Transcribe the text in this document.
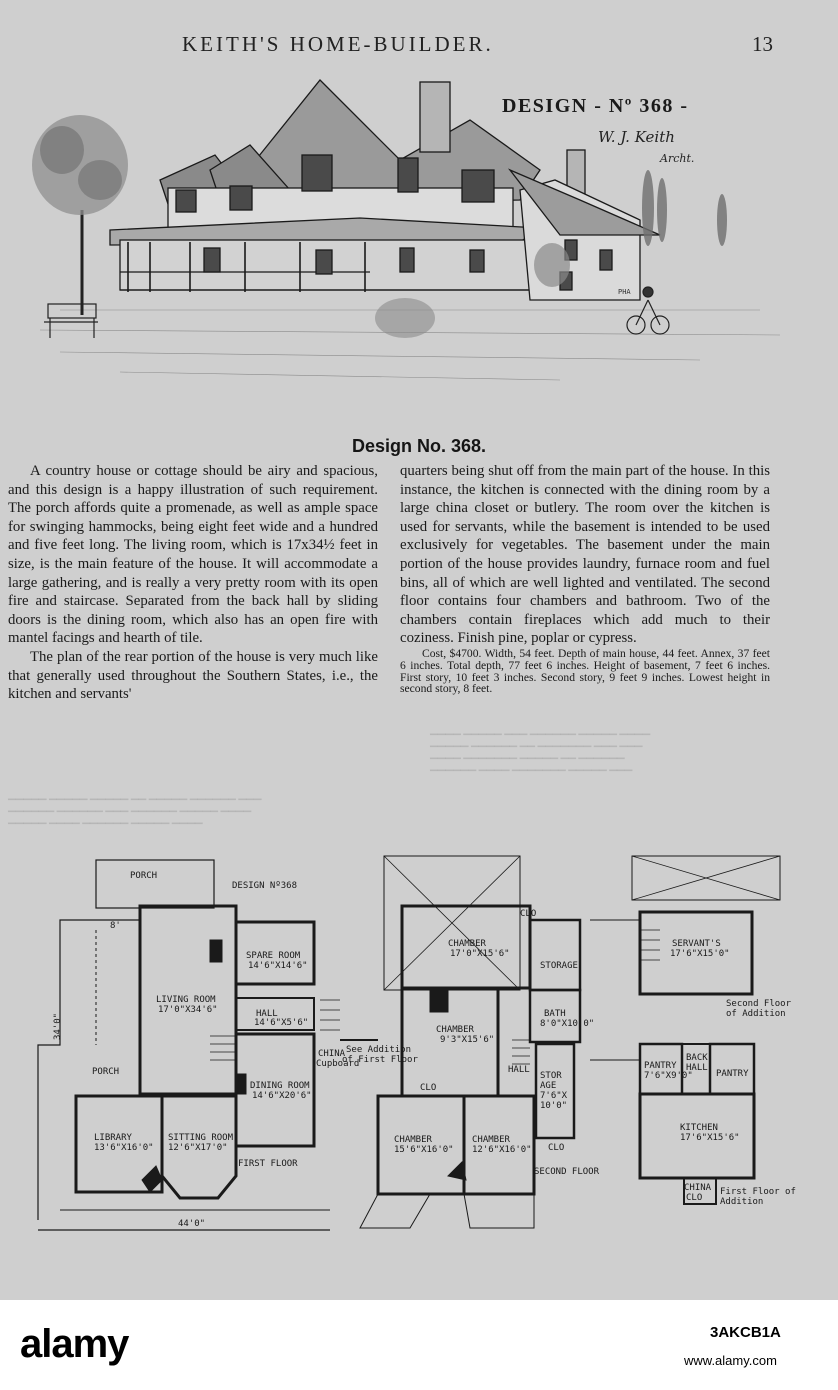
KEITH'S HOME-BUILDER.	13
▔▔▔▔ ▔▔▔▔▔ ▔▔▔ ▔▔▔▔▔▔ ▔▔▔▔▔ ▔▔▔▔
▔▔▔▔▔ ▔▔▔▔▔▔ ▔▔ ▔▔▔▔▔▔▔ ▔▔▔ ▔▔▔
▔▔▔▔ ▔▔▔▔▔▔▔ ▔▔▔▔▔ ▔▔ ▔▔▔▔▔▔
▔▔▔▔▔▔ ▔▔▔▔ ▔▔▔▔▔▔▔ ▔▔▔▔▔ ▔▔▔
▔▔▔▔▔ ▔▔▔▔▔ ▔▔▔▔▔ ▔▔ ▔▔▔▔▔ ▔▔▔▔▔▔ ▔▔▔
▔▔▔▔▔▔ ▔▔▔▔▔▔ ▔▔▔ ▔▔▔▔▔▔ ▔▔▔▔▔ ▔▔▔▔
▔▔▔▔▔ ▔▔▔▔ ▔▔▔▔▔▔ ▔▔▔▔▔ ▔▔▔▔
DESIGN - Nº 368 -
W. J. Keith
Archt.
PHA
Design No. 368.

A country house or cottage should be airy and spacious, and this design is a happy illustration of such requirement. The porch affords quite a promenade, as well as ample space for swinging hammocks, being eight feet wide and a hundred and five feet long. The living room, which is 17x34½ feet in size, is the main feature of the house. It will accommodate a large gathering, and is really a very pretty room with its open fire and staircase. Separated from the back hall by sliding doors is the dining room, which also has an open fire with mantel facings and hearth of tile.

The plan of the rear portion of the house is very much like that generally used throughout the Southern States, i.e., the kitchen and servants'

quarters being shut off from the main part of the house. In this instance, the kitchen is connected with the dining room by a large china closet or butlery. The room over the kitchen is used for servants, while the basement is intended to be used exclusively for vegetables. The basement under the main portion of the house provides laundry, furnace room and fuel bins, all of which are well lighted and ventilated. The second floor contains four chambers and bathroom. Two of the chambers contain fireplaces which add much to their coziness. Finish pine, poplar or cypress.

Cost, $4700. Width, 54 feet. Depth of main house, 44 feet. Annex, 37 feet 6 inches. Total depth, 77 feet 6 inches. Height of basement, 7 feet 6 inches. First story, 10 feet 3 inches. Second story, 9 feet 9 inches. Lowest height in second story, 8 feet.

PORCH
DESIGN Nº368
8'
SPARE ROOM
14'6"X14'6"
LIVING ROOM
17'0"X34'6"	HALL
14'6"X5'6"
DINING ROOM
14'6"X20'6"
PORCH
34'0"
LIBRARY
13'6"X16'0"
SITTING ROOM
12'6"X17'0"
CHINA
Cupboard
See Addition
of First Floor
FIRST FLOOR
44'0"
CHAMBER
17'0"X15'6"
STORAGE
CHAMBER
9'3"X15'6"
BATH
8'0"X10'0"
HALL
STOR
AGE
7'6"X
10'0"
CHAMBER
15'6"X16'0"
CHAMBER
12'6"X16'0"
CLO
CLO
CLO
SECOND FLOOR
SERVANT'S
17'6"X15'0"
Second Floor
of Addition
PANTRY
7'6"X9'0"
BACK
HALL
PANTRY
KITCHEN
17'6"X15'6"
CHINA
CLO
First Floor of
Addition
alamy	3AKCB1A
www.alamy.com
